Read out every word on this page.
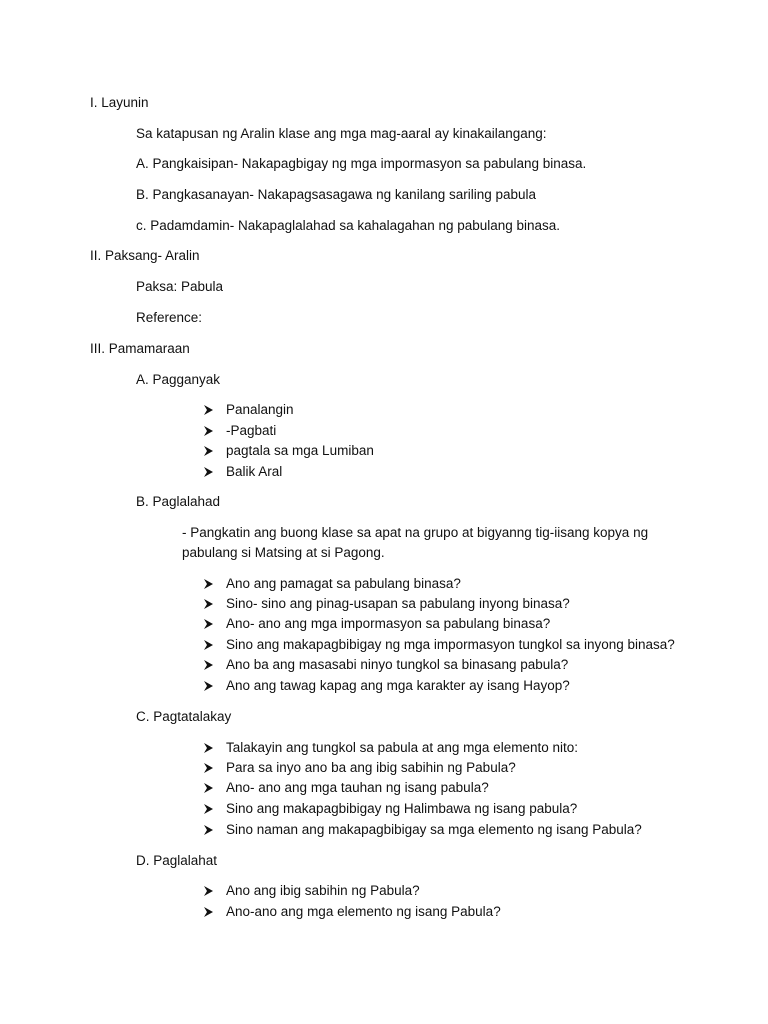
I. Layunin
Sa katapusan ng Aralin klase ang mga mag-aaral ay kinakailangang:
A. Pangkaisipan- Nakapagbigay ng mga impormasyon sa pabulang binasa.
B. Pangkasanayan- Nakapagsasagawa ng kanilang sariling pabula
c. Padamdamin- Nakapaglalahad sa kahalagahan ng pabulang binasa.
II. Paksang- Aralin
Paksa: Pabula
Reference:
III. Pamamaraan
A. Pagganyak
Panalangin
-Pagbati
pagtala sa mga Lumiban
Balik Aral
B. Paglalahad
- Pangkatin ang buong klase sa apat na grupo at bigyanng tig-iisang kopya ng
pabulang si Matsing at si Pagong.
Ano ang pamagat sa pabulang binasa?
Sino- sino ang pinag-usapan sa pabulang inyong binasa?
Ano- ano ang mga impormasyon sa pabulang binasa?
Sino ang makapagbibigay ng mga impormasyon tungkol sa inyong binasa?
Ano ba ang masasabi ninyo tungkol sa binasang pabula?
Ano ang tawag kapag ang mga karakter ay isang Hayop?
C. Pagtatalakay
Talakayin ang tungkol sa pabula at ang mga elemento nito:
Para sa inyo ano ba ang ibig sabihin ng Pabula?
Ano- ano ang mga tauhan ng isang pabula?
Sino ang makapagbibigay ng Halimbawa ng isang pabula?
Sino naman ang makapagbibigay sa mga elemento ng isang Pabula?
D. Paglalahat
Ano ang ibig sabihin ng Pabula?
Ano-ano ang mga elemento ng isang Pabula?
